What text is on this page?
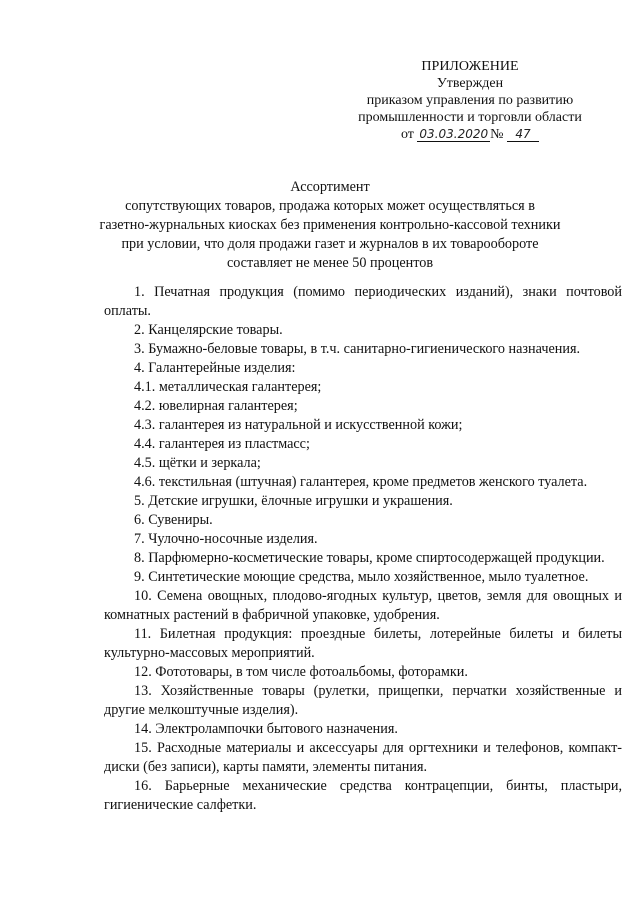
ПРИЛОЖЕНИЕ
Утвержден
приказом управления по развитию
промышленности и торговли области
от 03.03.2020 № 47
Ассортимент
сопутствующих товаров, продажа которых может осуществляться в
газетно-журнальных киосках без применения контрольно-кассовой техники
при условии, что доля продажи газет и журналов в их товарообороте
составляет не менее 50 процентов

1. Печатная продукция (помимо периодических изданий), знаки почтовой оплаты.

2. Канцелярские товары.

3. Бумажно-беловые товары, в т.ч. санитарно-гигиенического назначения.

4. Галантерейные изделия:

4.1. металлическая галантерея;

4.2. ювелирная галантерея;

4.3. галантерея из натуральной и искусственной кожи;

4.4. галантерея из пластмасс;

4.5. щётки и зеркала;

4.6. текстильная (штучная) галантерея, кроме предметов женского туалета.

5. Детские игрушки, ёлочные игрушки и украшения.

6. Сувениры.

7. Чулочно-носочные изделия.

8. Парфюмерно-косметические товары, кроме спиртосодержащей продукции.

9. Синтетические моющие средства, мыло хозяйственное, мыло туалетное.

10. Семена овощных, плодово-ягодных культур, цветов, земля для овощных и комнатных растений в фабричной упаковке, удобрения.

11. Билетная продукция: проездные билеты, лотерейные билеты и билеты культурно-массовых мероприятий.

12. Фототовары, в том числе фотоальбомы, фоторамки.

13. Хозяйственные товары (рулетки, прищепки, перчатки хозяйственные и другие мелкоштучные изделия).

14. Электролампочки бытового назначения.

15. Расходные материалы и аксессуары для оргтехники и телефонов, компакт-диски (без записи), карты памяти, элементы питания.

16. Барьерные механические средства контрацепции, бинты, пластыри, гигиенические салфетки.
